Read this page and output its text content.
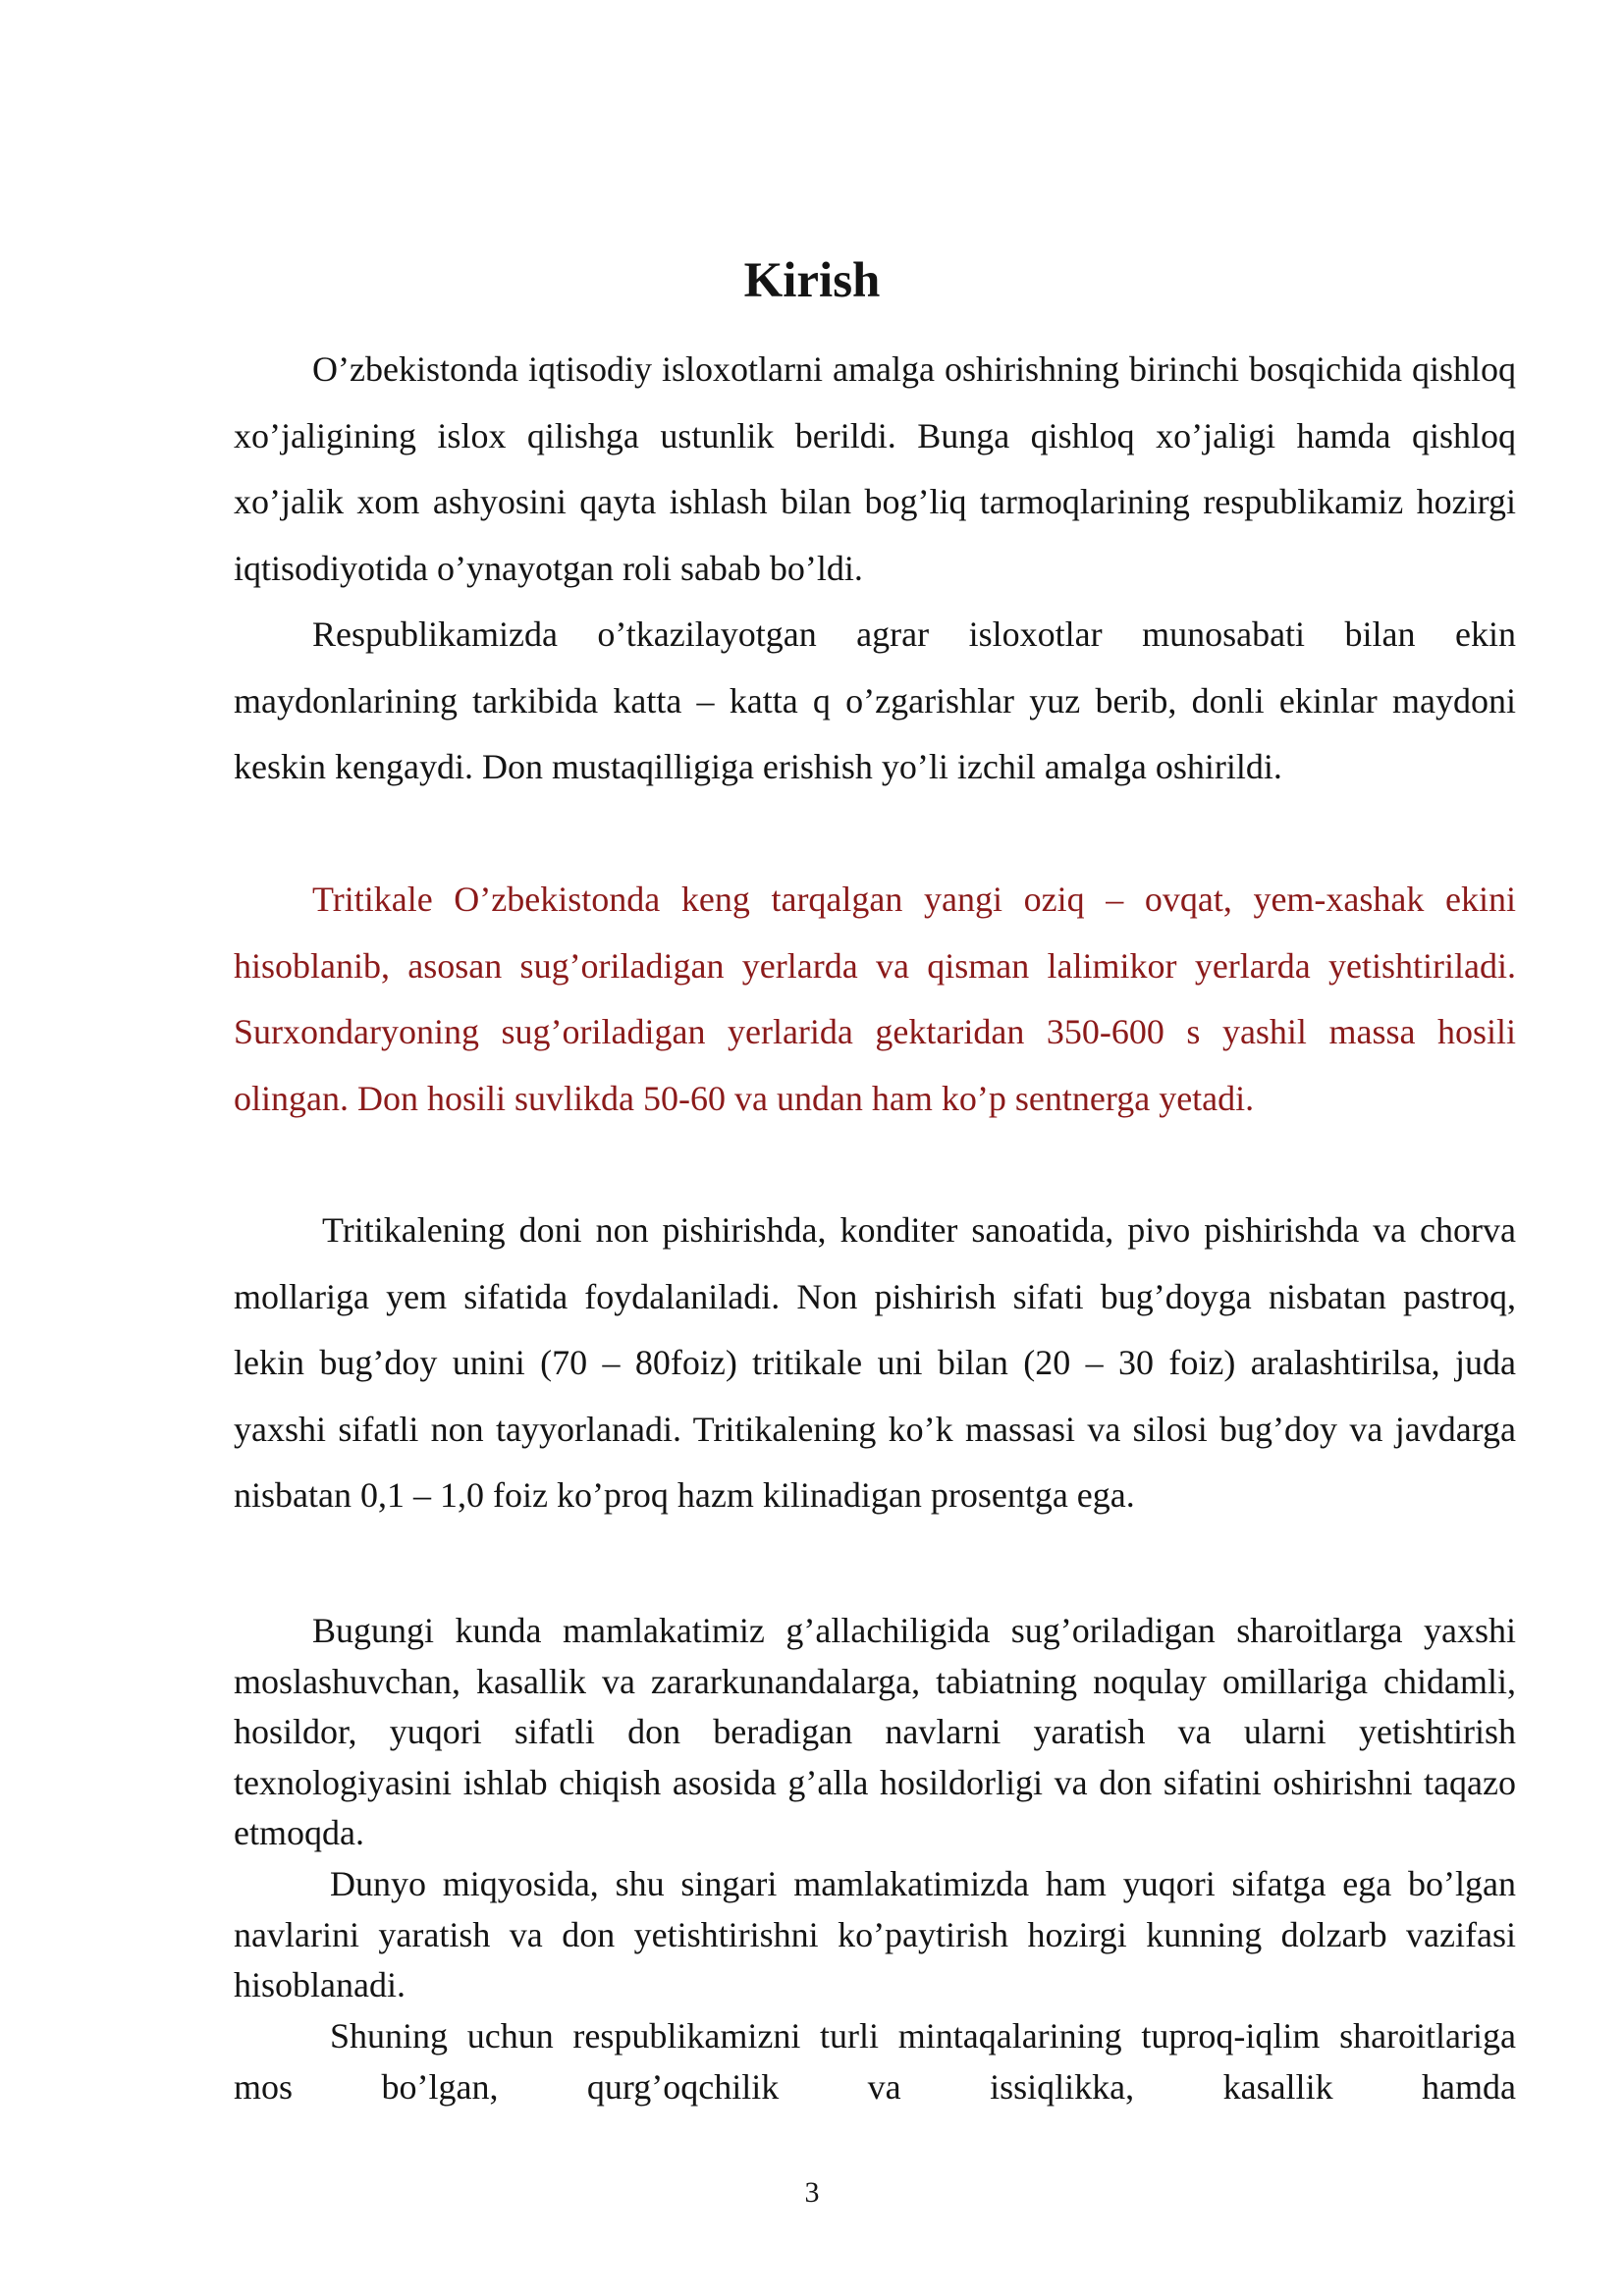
Kirish

O’zbekistonda iqtisodiy isloxotlarni amalga oshirishning birinchi bosqichida qishloq xo’jaligining islox qilishga ustunlik berildi. Bunga qishloq xo’jaligi hamda qishloq xo’jalik xom ashyosini qayta ishlash bilan bog’liq tarmoqlarining respublikamiz hozirgi iqtisodiyotida o’ynayotgan roli sabab bo’ldi.

Respublikamizda o’tkazilayotgan agrar isloxotlar munosabati bilan ekin maydonlarining tarkibida katta – katta q o’zgarishlar yuz berib, donli ekinlar maydoni keskin kengaydi. Don mustaqilligiga erishish yo’li izchil amalga oshirildi.

Tritikale O’zbekistonda keng tarqalgan yangi oziq – ovqat, yem-xashak ekini hisoblanib, asosan sug’oriladigan yerlarda va qisman lalimikor yerlarda yetishtiriladi. Surxondaryoning sug’oriladigan yerlarida gektaridan 350-600 s yashil massa hosili olingan. Don hosili suvlikda 50-60 va undan ham ko’p sentnerga yetadi.

Tritikalening doni non pishirishda, konditer sanoatida, pivo pishirishda va chorva mollariga yem sifatida foydalaniladi. Non pishirish sifati bug’doyga nisbatan pastroq, lekin bug’doy unini (70 – 80foiz) tritikale uni bilan (20 – 30 foiz) aralashtirilsa, juda yaxshi sifatli non tayyorlanadi. Tritikalening ko’k massasi va silosi bug’doy va javdarga nisbatan 0,1 – 1,0 foiz ko’proq hazm kilinadigan prosentga ega.

Bugungi kunda mamlakatimiz g’allachiligida sug’oriladigan sharoitlarga yaxshi moslashuvchan, kasallik va zararkunandalarga, tabiatning noqulay omillariga chidamli, hosildor, yuqori sifatli don beradigan navlarni yaratish va ularni yetishtirish texnologiyasini ishlab chiqish asosida g’alla hosildorligi va don sifatini oshirishni taqazo etmoqda.

Dunyo miqyosida, shu singari mamlakatimizda ham yuqori sifatga ega bo’lgan navlarini yaratish va don yetishtirishni ko’paytirish hozirgi kunning dolzarb vazifasi hisoblanadi.

Shuning uchun respublikamizni turli mintaqalarining tuproq-iqlim sharoitlariga mos bo’lgan, qurg’oqchilik va issiqlikka, kasallik hamda

3
